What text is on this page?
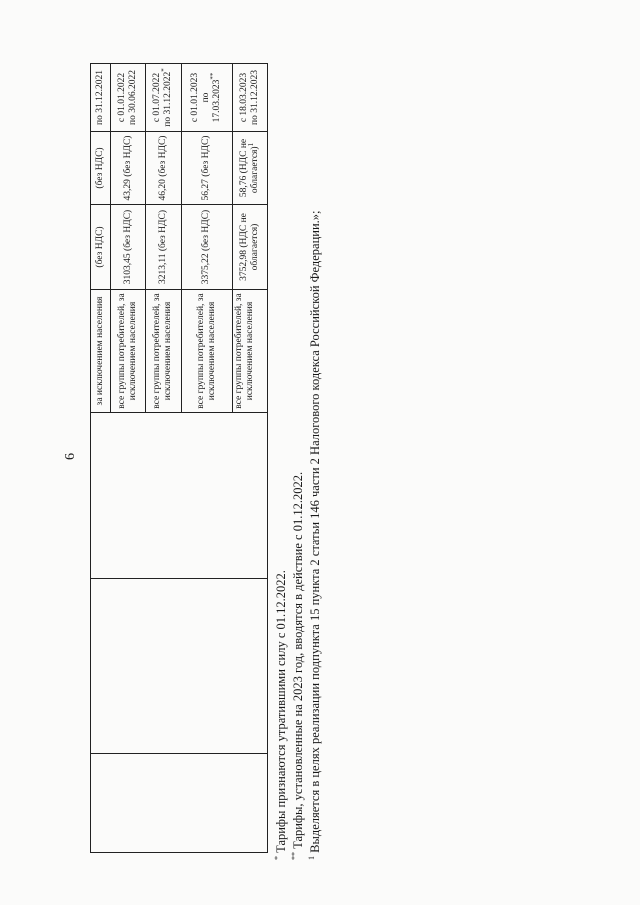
6
			за исключением населения	(без НДС)	(без НДС)	по 31.12.2021
			все группы потребителей, за исключением населения	3103,45 (без НДС)	43,29 (без НДС)	с 01.01.2022 по 30.06.2022
			все группы потребителей, за исключением населения	3213,11 (без НДС)	46,20 (без НДС)	с 01.07.2022 по 31.12.2022*
			все группы потребителей, за исключением населения	3375,22 (без НДС)	56,27 (без НДС)	с 01.01.2023 по 17.03.2023**
			все группы потребителей, за исключением населения	3752,98 (НДС не облагается)	58,76 (НДС не облагается)$^1$	с 18.03.2023 по 31.12.2023
* Тарифы признаются утратившими силу с 01.12.2022.
** Тарифы, установленные на 2023 год, вводятся в действие с 01.12.2022.
$^1$ Выделяется в целях реализации подпункта 15 пункта 2 статьи 146 части 2 Налогового кодекса Российской Федерации.»;
